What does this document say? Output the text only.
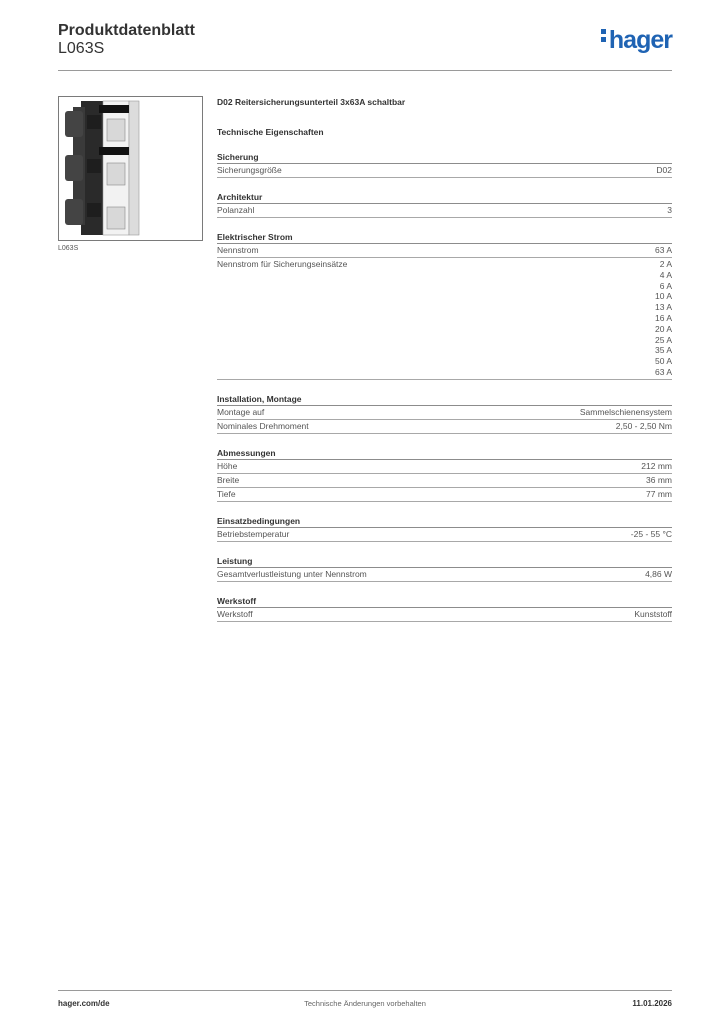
Produktdatenblatt
L063S	hager
L063S
D02 Reitersicherungsunterteil 3x63A schaltbar
Technische Eigenschaften
Sicherung
Sicherungsgröße	D02
Architektur
Polanzahl	3
Elektrischer Strom
Nennstrom	63 A
Nennstrom für Sicherungseinsätze	2 A
4 A
6 A
10 A
13 A
16 A
20 A
25 A
35 A
50 A
63 A
Installation, Montage
Montage auf	Sammelschienensystem
Nominales Drehmoment	2,50 - 2,50 Nm
Abmessungen
Höhe	212 mm
Breite	36 mm
Tiefe	77 mm
Einsatzbedingungen
Betriebstemperatur	-25 - 55 °C
Leistung
Gesamtverlustleistung unter Nennstrom	4,86 W
Werkstoff
Werkstoff	Kunststoff
Technische Änderungen vorbehalten
hager.com/de	11.01.2026
